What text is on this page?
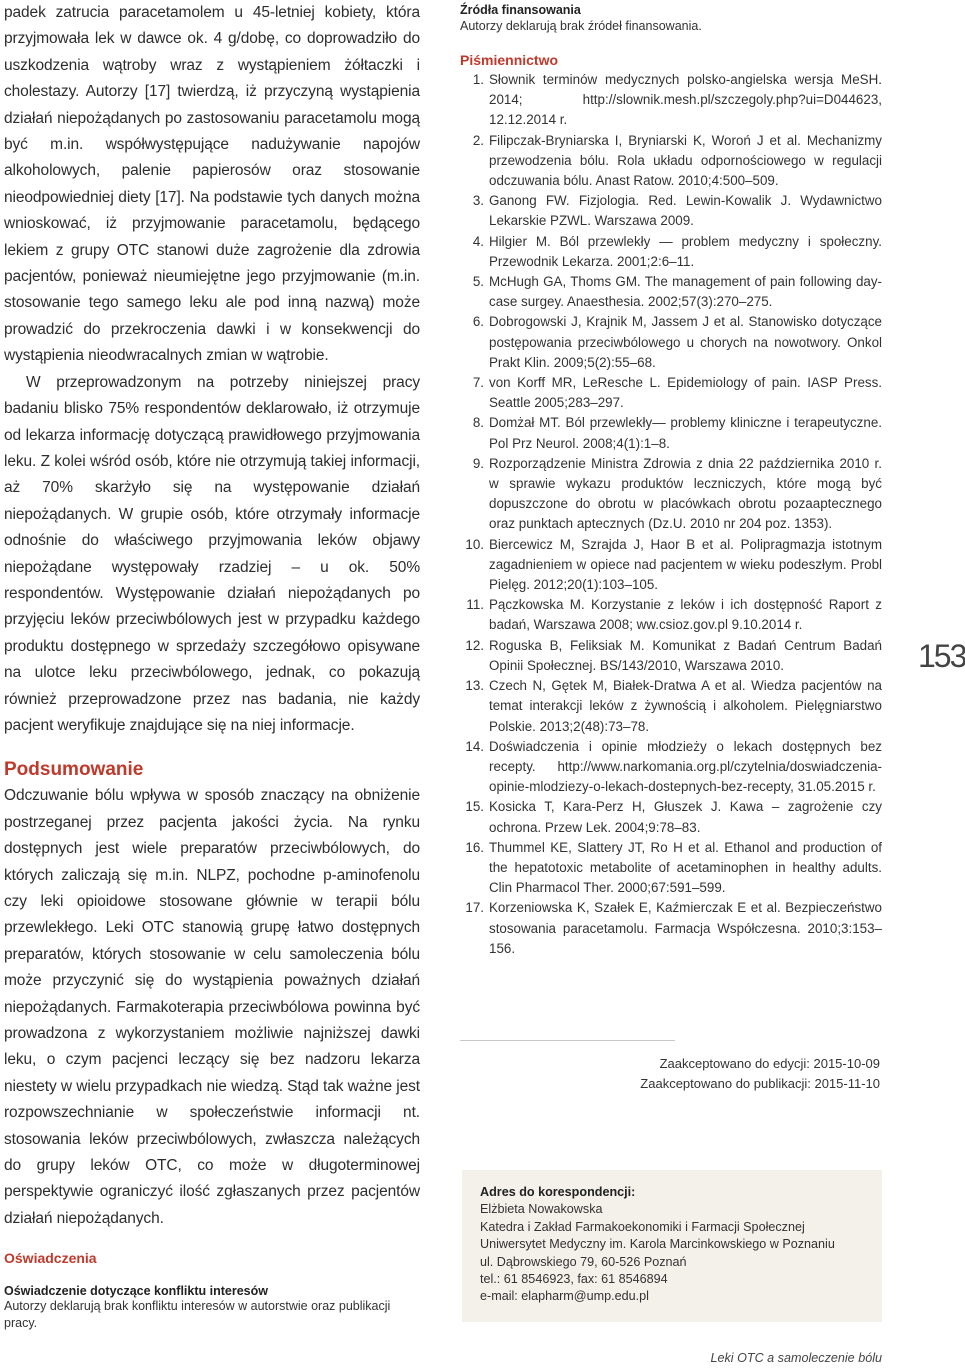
padek zatrucia paracetamolem u 45-letniej kobiety, która przyjmowała lek w dawce ok. 4 g/dobę, co doprowadziło do uszkodzenia wątroby wraz z wystąpieniem żółtaczki i cholestazy. Autorzy [17] twierdzą, iż przyczyną wystąpienia działań niepożądanych po zastosowaniu paracetamolu mogą być m.in. współwystępujące nadużywanie napojów alkoholowych, palenie papierosów oraz stosowanie nieodpowiedniej diety [17]. Na podstawie tych danych można wnioskować, iż przyjmowanie paracetamolu, będącego lekiem z grupy OTC stanowi duże zagrożenie dla zdrowia pacjentów, ponieważ nieumiejętne jego przyjmowanie (m.in. stosowanie tego samego leku ale pod inną nazwą) może prowadzić do przekroczenia dawki i w konsekwencji do wystąpienia nieodwracalnych zmian w wątrobie.

W przeprowadzonym na potrzeby niniejszej pracy badaniu blisko 75% respondentów deklarowało, iż otrzymuje od lekarza informację dotyczącą prawidłowego przyjmowania leku. Z kolei wśród osób, które nie otrzymują takiej informacji, aż 70% skarżyło się na występowanie działań niepożądanych. W grupie osób, które otrzymały informacje odnośnie do właściwego przyjmowania leków objawy niepożądane występowały rzadziej – u ok. 50% respondentów. Występowanie działań niepożądanych po przyjęciu leków przeciwbólowych jest w przypadku każdego produktu dostępnego w sprzedaży szczegółowo opisywane na ulotce leku przeciwbólowego, jednak, co pokazują również przeprowadzone przez nas badania, nie każdy pacjent weryfikuje znajdujące się na niej informacje.

Podsumowanie

Odczuwanie bólu wpływa w sposób znaczący na obniżenie postrzeganej przez pacjenta jakości życia. Na rynku dostępnych jest wiele preparatów przeciwbólowych, do których zaliczają się m.in. NLPZ, pochodne p-aminofenolu czy leki opioidowe stosowane głównie w terapii bólu przewlekłego. Leki OTC stanowią grupę łatwo dostępnych preparatów, których stosowanie w celu samoleczenia bólu może przyczynić się do wystąpienia poważnych działań niepożądanych. Farmakoterapia przeciwbólowa powinna być prowadzona z wykorzystaniem możliwie najniższej dawki leku, o czym pacjenci leczący się bez nadzoru lekarza niestety w wielu przypadkach nie wiedzą. Stąd tak ważne jest rozpowszechnianie w społeczeństwie informacji nt. stosowania leków przeciwbólowych, zwłaszcza należących do grupy leków OTC, co może w długoterminowej perspektywie ograniczyć ilość zgłaszanych przez pacjentów działań niepożądanych.

Oświadczenia

Oświadczenie dotyczące konfliktu interesów

Autorzy deklarują brak konfliktu interesów w autorstwie oraz publikacji pracy.

Źródła finansowania

Autorzy deklarują brak źródeł finansowania.

Piśmiennictwo
1. Słownik terminów medycznych polsko-angielska wersja MeSH. 2014; http://slownik.mesh.pl/szczegoly.php?ui=D044623, 12.12.2014 r.
2. Filipczak-Bryniarska I, Bryniarski K, Woroń J et al. Mechanizmy przewodzenia bólu. Rola układu odpornościowego w regulacji odczuwania bólu. Anast Ratow. 2010;4:500–509.
3. Ganong FW. Fizjologia. Red. Lewin-Kowalik J. Wydawnictwo Lekarskie PZWL. Warszawa 2009.
4. Hilgier M. Ból przewlekły — problem medyczny i społeczny. Przewodnik Lekarza. 2001;2:6–11.
5. McHugh GA, Thoms GM. The management of pain following day-case surgey. Anaesthesia. 2002;57(3):270–275.
6. Dobrogowski J, Krajnik M, Jassem J et al. Stanowisko dotyczące postępowania przeciwbólowego u chorych na nowotwory. Onkol Prakt Klin. 2009;5(2):55–68.
7. von Korff MR, LeResche L. Epidemiology of pain. IASP Press. Seattle 2005;283–297.
8. Domżał MT. Ból przewlekły— problemy kliniczne i terapeutyczne. Pol Prz Neurol. 2008;4(1):1–8.
9. Rozporządzenie Ministra Zdrowia z dnia 22 października 2010 r. w sprawie wykazu produktów leczniczych, które mogą być dopuszczone do obrotu w placówkach obrotu pozaaptecznego oraz punktach aptecznych (Dz.U. 2010 nr 204 poz. 1353).
10. Biercewicz M, Szrajda J, Haor B et al. Polipragmazja istotnym zagadnieniem w opiece nad pacjentem w wieku podeszłym. Probl Pielęg. 2012;20(1):103–105.
11. Pączkowska M. Korzystanie z leków i ich dostępność Raport z badań, Warszawa 2008; ww.csioz.gov.pl 9.10.2014 r.
12. Roguska B, Feliksiak M. Komunikat z Badań Centrum Badań Opinii Społecznej. BS/143/2010, Warszawa 2010.
13. Czech N, Gętek M, Białek-Dratwa A et al. Wiedza pacjentów na temat interakcji leków z żywnością i alkoholem. Pielęgniarstwo Polskie. 2013;2(48):73–78.
14. Doświadczenia i opinie młodzieży o lekach dostępnych bez recepty. http://www.narkomania.org.pl/czytelnia/doswiadczenia-opinie-mlodziezy-o-lekach-dostepnych-bez-recepty, 31.05.2015 r.
15. Kosicka T, Kara-Perz H, Głuszek J. Kawa – zagrożenie czy ochrona. Przew Lek. 2004;9:78–83.
16. Thummel KE, Slattery JT, Ro H et al. Ethanol and production of the hepatotoxic metabolite of acetaminophen in healthy adults. Clin Pharmacol Ther. 2000;67:591–599.
17. Korzeniowska K, Szałek E, Kaźmierczak E et al. Bezpieczeństwo stosowania paracetamolu. Farmacja Współczesna. 2010;3:153–156.
153
Zaakceptowano do edycji: 2015-10-09
Zaakceptowano do publikacji: 2015-11-10
Adres do korespondencji:
Elżbieta Nowakowska
Katedra i Zakład Farmakoekonomiki i Farmacji Społecznej
Uniwersytet Medyczny im. Karola Marcinkowskiego w Poznaniu
ul. Dąbrowskiego 79, 60-526 Poznań
tel.: 61 8546923, fax: 61 8546894
e-mail: elapharm@ump.edu.pl
Leki OTC a samoleczenie bólu
